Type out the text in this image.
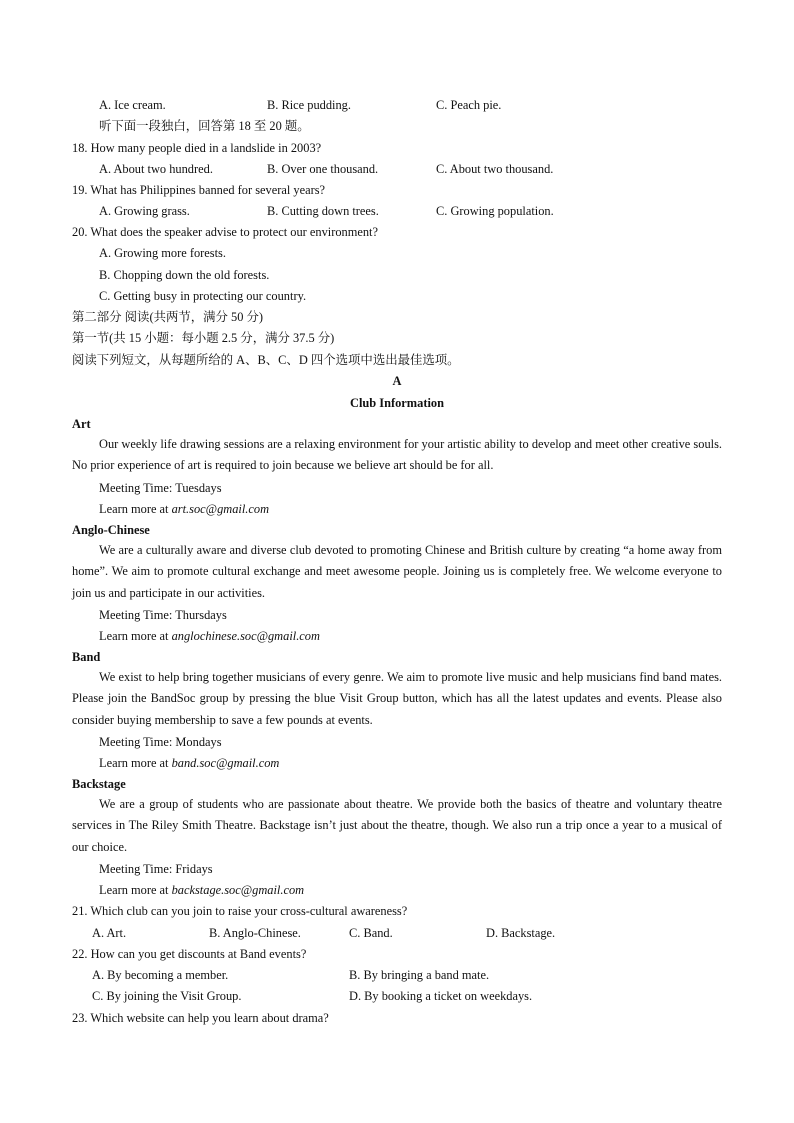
A. Ice cream.	B. Rice pudding.	C. Peach pie.
听下面一段独白，回答第 18 至 20 题。
18. How many people died in a landslide in 2003?
A. About two hundred.	B. Over one thousand.	C. About two thousand.
19. What has Philippines banned for several years?
A. Growing grass.	B. Cutting down trees.	C. Growing population.
20. What does the speaker advise to protect our environment?
A. Growing more forests.
B. Chopping down the old forests.
C. Getting busy in protecting our country.
第二部分 阅读(共两节，满分 50 分)
第一节(共 15 小题：每小题 2.5 分，满分 37.5 分)
阅读下列短文，从每题所给的 A、B、C、D 四个选项中选出最佳选项。
A
Club Information
Art

Our weekly life drawing sessions are a relaxing environment for your artistic ability to develop and meet other creative souls. No prior experience of art is required to join because we believe art should be for all.

Meeting Time: Tuesdays
Learn more at art.soc@gmail.com
Anglo-Chinese

We are a culturally aware and diverse club devoted to promoting Chinese and British culture by creating “a home away from home”. We aim to promote cultural exchange and meet awesome people. Joining us is completely free. We welcome everyone to join us and participate in our activities.

Meeting Time: Thursdays
Learn more at anglochinese.soc@gmail.com
Band

We exist to help bring together musicians of every genre. We aim to promote live music and help musicians find band mates. Please join the BandSoc group by pressing the blue Visit Group button, which has all the latest updates and events. Please also consider buying membership to save a few pounds at events.

Meeting Time: Mondays
Learn more at band.soc@gmail.com
Backstage

We are a group of students who are passionate about theatre. We provide both the basics of theatre and voluntary theatre services in The Riley Smith Theatre. Backstage isn’t just about the theatre, though. We also run a trip once a year to a musical of our choice.

Meeting Time: Fridays
Learn more at backstage.soc@gmail.com
21. Which club can you join to raise your cross-cultural awareness?
A. Art.	B. Anglo-Chinese.	C. Band.	D. Backstage.
22. How can you get discounts at Band events?
A. By becoming a member.	B. By bringing a band mate.
C. By joining the Visit Group.	D. By booking a ticket on weekdays.
23. Which website can help you learn about drama?
